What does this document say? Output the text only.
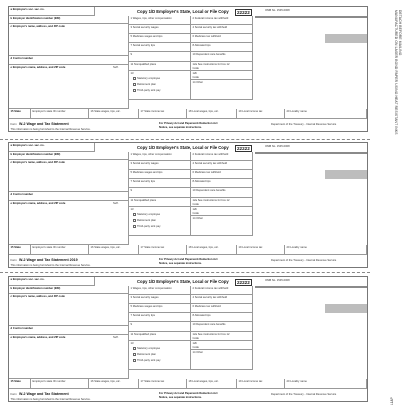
a Employee's soc. sec. no.	Copy 1/D Employer's State, Local or File Copy	22222	OMB No. 1545-0008
b Employer identification number (EIN)
c Employer's name, address, and ZIP code
d Control number
e Employee's name, address, and ZIP code	Suff.
1 Wages, tips, other compensation	2 Federal income tax withheld
3 Social security wages	4 Social security tax withheld
5 Medicare wages and tips	6 Medicare tax withheld
7 Social security tips	8 Allocated tips
9	10 Dependent care benefits
11 Nonqualified plans	12a See instructions for box 12
Code
13
Statutory employee
Retirement plan
Third-party sick pay
12b
Code
14 Other
15 State	Employer's state ID number	16 State wages, tips, etc.	17 State income tax	18 Local wages, tips, etc.	19 Local income tax	20 Locality name
Form W-2 Wage and Tax Statement
This information is being furnished to the Internal Revenue Service.
For Privacy Act and Paperwork Reduction Act
Notice, see separate instructions.
Department of the Treasury - Internal Revenue Service
a Employee's soc. sec. no.	Copy 1/D Employer's State, Local or File Copy	22222	OMB No. 1545-0008
b Employer identification number (EIN)
c Employer's name, address, and ZIP code
d Control number
e Employee's name, address, and ZIP code	Suff.
1 Wages, tips, other compensation	2 Federal income tax withheld
3 Social security wages	4 Social security tax withheld
5 Medicare wages and tips	6 Medicare tax withheld
7 Social security tips	8 Allocated tips
9	10 Dependent care benefits
11 Nonqualified plans	12a See instructions for box 12
Code
13
Statutory employee
Retirement plan
Third-party sick pay
12b
Code
14 Other
15 State	Employer's state ID number	16 State wages, tips, etc.	17 State income tax	18 Local wages, tips, etc.	19 Local income tax	20 Locality name
Form W-2 Wage and Tax Statement 2019
This information is being furnished to the Internal Revenue Service.
For Privacy Act and Paperwork Reduction Act
Notice, see separate instructions.
Department of the Treasury - Internal Revenue Service
a Employee's soc. sec. no.	Copy 1/D Employer's State, Local or File Copy	22222	OMB No. 1545-0008
b Employer identification number (EIN)
c Employer's name, address, and ZIP code
d Control number
e Employee's name, address, and ZIP code	Suff.
1 Wages, tips, other compensation	2 Federal income tax withheld
3 Social security wages	4 Social security tax withheld
5 Medicare wages and tips	6 Medicare tax withheld
7 Social security tips	8 Allocated tips
9	10 Dependent care benefits
11 Nonqualified plans	12a See instructions for box 12
Code
13
Statutory employee
Retirement plan
Third-party sick pay
12b
Code
14 Other
15 State	Employer's state ID number	16 State wages, tips, etc.	17 State income tax	18 Local wages, tips, etc.	19 Local income tax	20 Locality name
Form W-2 Wage and Tax Statement
This information is being furnished to the Internal Revenue Service.
For Privacy Act and Paperwork Reduction Act
Notice, see separate instructions.
Department of the Treasury - Internal Revenue Service
DETACH BEFORE MAILING
MANUFACTURED ON LASER BOND PAPER USING HEAT RESISTANT INKS
L1&P
